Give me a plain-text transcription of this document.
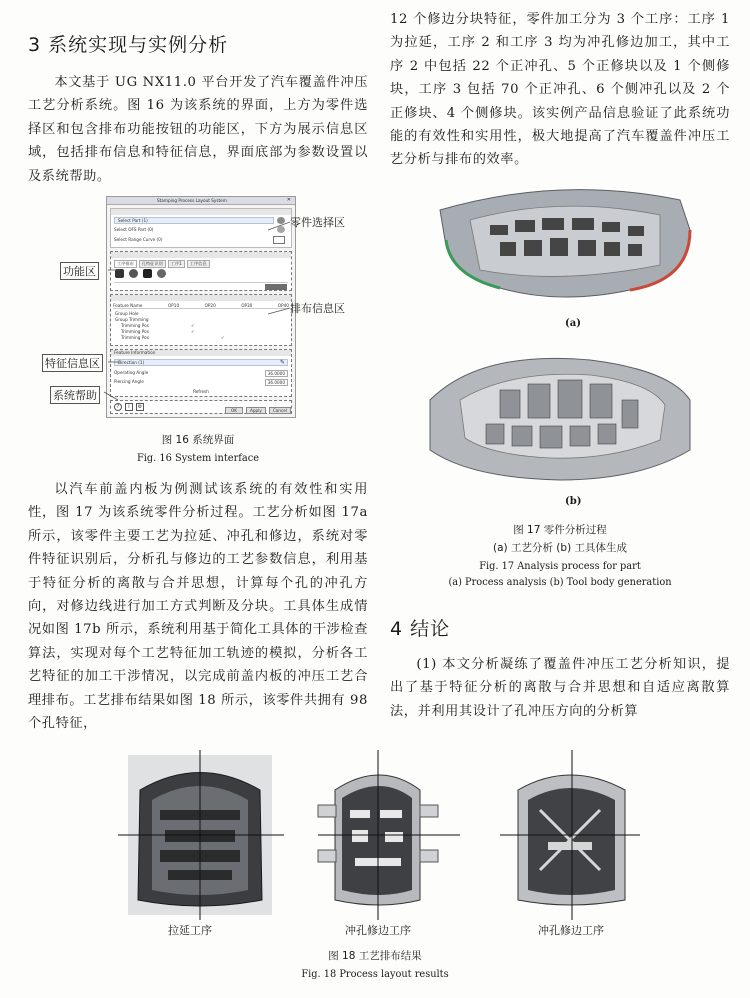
3 系统实现与实例分析

本文基于 UG NX11.0 平台开发了汽车覆盖件冲压工艺分析系统。图 16 为该系统的界面，上方为零件选择区和包含排布功能按钮的功能区，下方为展示信息区域，包括排布信息和特征信息，界面底部为参数设置以及系统帮助。

Stamping Process Layout System	✕
Select Part (1)
Select OFS Part (0)
Select Range Curve (0)
工序排布	孔特征识别	工序1	工序信息
Feature Name	OP10	OP20	OP30	OP40
Group Hole
Group Trimming
Trimming Pos	✓
Trimming Pos	✓
Trimming Pos	✓
Feature Information
Direction (1)	✎
Operating Angle	36.0000
Piercing Angle	36.0000
Refresh
?	i	⚙
OK	Apply	Cancel
零件选择区
功能区
排布信息区
特征信息区
系统帮助
图 16 系统界面
Fig. 16 System interface

以汽车前盖内板为例测试该系统的有效性和实用性，图 17 为该系统零件分析过程。工艺分析如图 17a 所示，该零件主要工艺为拉延、冲孔和修边，系统对零件特征识别后，分析孔与修边的工艺参数信息，利用基于特征分析的离散与合并思想，计算每个孔的冲孔方向，对修边线进行加工方式判断及分块。工具体生成情况如图 17b 所示，系统利用基于简化工具体的干涉检查算法，实现对每个工艺特征加工轨迹的模拟，分析各工艺特征的加工干涉情况，以完成前盖内板的冲压工艺合理排布。工艺排布结果如图 18 所示，该零件共拥有 98 个孔特征，

12 个修边分块特征，零件加工分为 3 个工序：工序 1 为拉延，工序 2 和工序 3 均为冲孔修边加工，其中工序 2 中包括 22 个正冲孔、5 个正修块以及 1 个侧修块，工序 3 包括 70 个正冲孔、6 个侧冲孔以及 2 个正修块、4 个侧修块。该实例产品信息验证了此系统功能的有效性和实用性，极大地提高了汽车覆盖件冲压工艺分析与排布的效率。

(a)
(b)
图 17 零件分析过程
(a) 工艺分析 (b) 工具体生成
Fig. 17 Analysis process for part
(a) Process analysis (b) Tool body generation
4 结论

(1) 本文分析凝练了覆盖件冲压工艺分析知识，提出了基于特征分析的离散与合并思想和自适应离散算法，并利用其设计了孔冲压方向的分析算

拉延工序	冲孔修边工序	冲孔修边工序
图 18 工艺排布结果
Fig. 18 Process layout results
